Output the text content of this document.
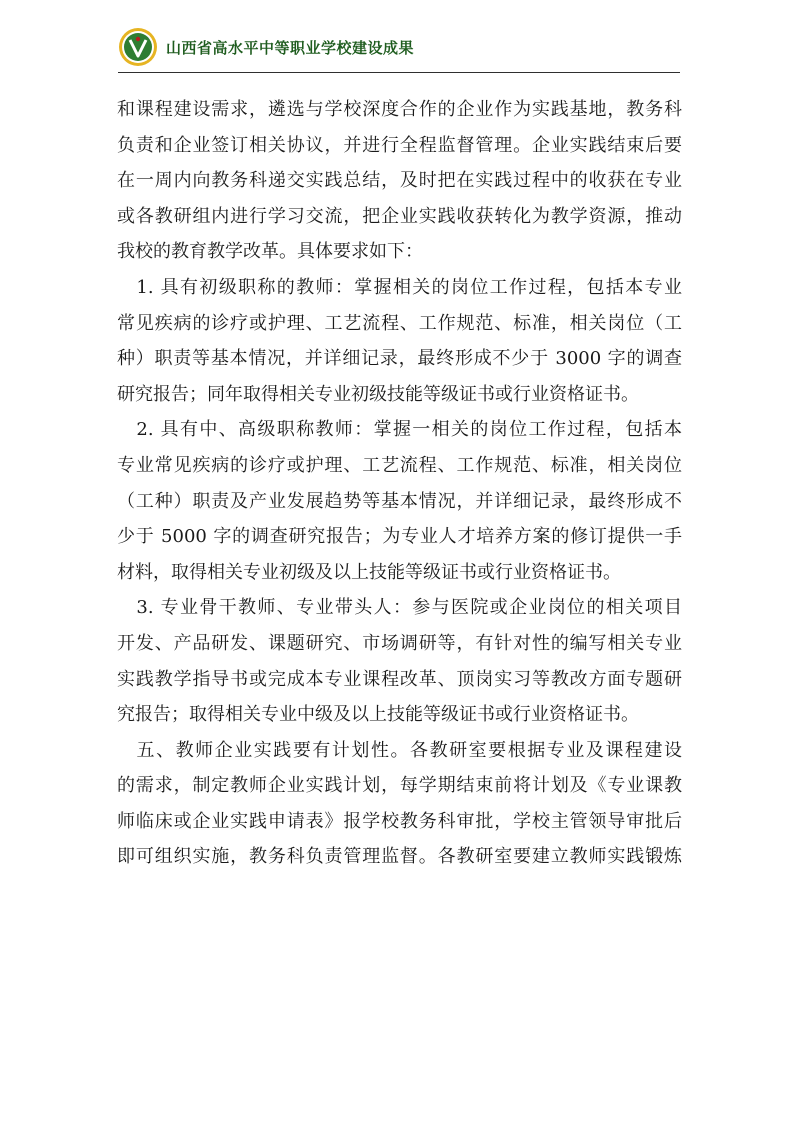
山西省高水平中等职业学校建设成果

和课程建设需求，遴选与学校深度合作的企业作为实践基地，教务科
负责和企业签订相关协议，并进行全程监督管理。企业实践结束后要
在一周内向教务科递交实践总结，及时把在实践过程中的收获在专业
或各教研组内进行学习交流，把企业实践收获转化为教学资源，推动
我校的教育教学改革。具体要求如下：

　1. 具有初级职称的教师：掌握相关的岗位工作过程，包括本专业
常见疾病的诊疗或护理、工艺流程、工作规范、标准，相关岗位（工
种）职责等基本情况，并详细记录，最终形成不少于 3000 字的调查
研究报告；同年取得相关专业初级技能等级证书或行业资格证书。

　2. 具有中、高级职称教师：掌握一相关的岗位工作过程，包括本
专业常见疾病的诊疗或护理、工艺流程、工作规范、标准，相关岗位
（工种）职责及产业发展趋势等基本情况，并详细记录，最终形成不
少于 5000 字的调查研究报告；为专业人才培养方案的修订提供一手
材料，取得相关专业初级及以上技能等级证书或行业资格证书。

　3. 专业骨干教师、专业带头人：参与医院或企业岗位的相关项目
开发、产品研发、课题研究、市场调研等，有针对性的编写相关专业
实践教学指导书或完成本专业课程改革、顶岗实习等教改方面专题研
究报告；取得相关专业中级及以上技能等级证书或行业资格证书。

　五、教师企业实践要有计划性。各教研室要根据专业及课程建设
的需求，制定教师企业实践计划，每学期结束前将计划及《专业课教
师临床或企业实践申请表》报学校教务科审批，学校主管领导审批后
即可组织实施，教务科负责管理监督。各教研室要建立教师实践锻炼
